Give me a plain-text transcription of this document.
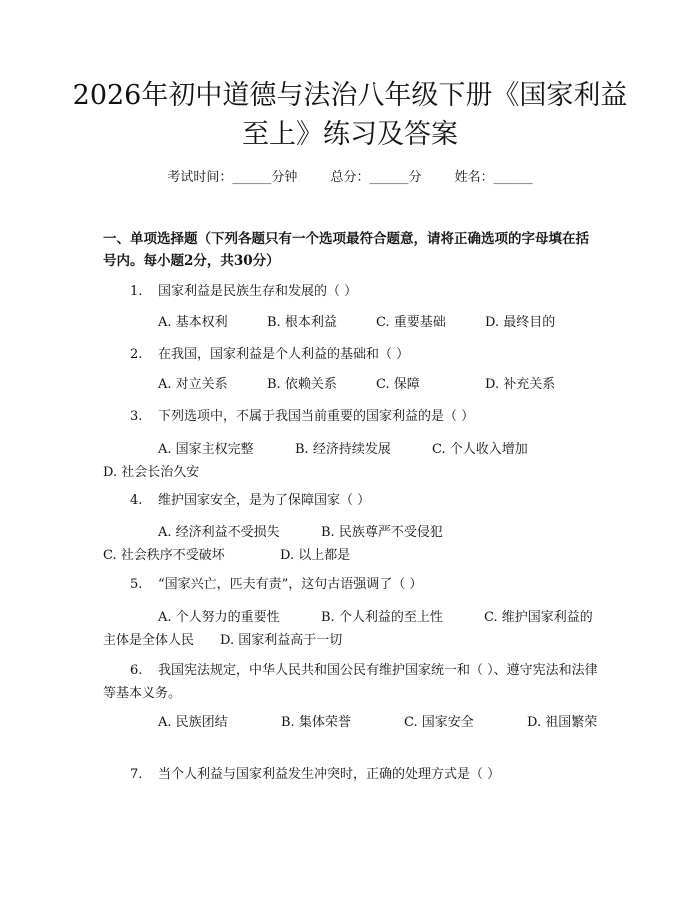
2026年初中道德与法治八年级下册《国家利益至上》练习及答案
考试时间：______分钟	总分：______分	姓名：______
一、单项选择题（下列各题只有一个选项最符合题意，请将正确选项的字母填在括号内。每小题2分，共30分）
1. 国家利益是民族生存和发展的（ ）
A. 基本权利	B. 根本利益	C. 重要基础	D. 最终目的
2. 在我国，国家利益是个人利益的基础和（ ）
A. 对立关系	B. 依赖关系	C. 保障	D. 补充关系
3. 下列选项中，不属于我国当前重要的国家利益的是（ ）
A. 国家主权完整	B. 经济持续发展	C. 个人收入增加D. 社会长治久安
4. 维护国家安全，是为了保障国家（ ）
A. 经济利益不受损失	B. 民族尊严不受侵犯C. 社会秩序不受破坏	D. 以上都是
5. “国家兴亡，匹夫有责”，这句古语强调了（ ）
A. 个人努力的重要性	B. 个人利益的至上性	C. 维护国家利益的主体是全体人民 D. 国家利益高于一切
6. 我国宪法规定，中华人民共和国公民有维护国家统一和（ ）、遵守宪法和法律等基本义务。
A. 民族团结	B. 集体荣誉	C. 国家安全	D. 祖国繁荣
7. 当个人利益与国家利益发生冲突时，正确的处理方式是（ ）
